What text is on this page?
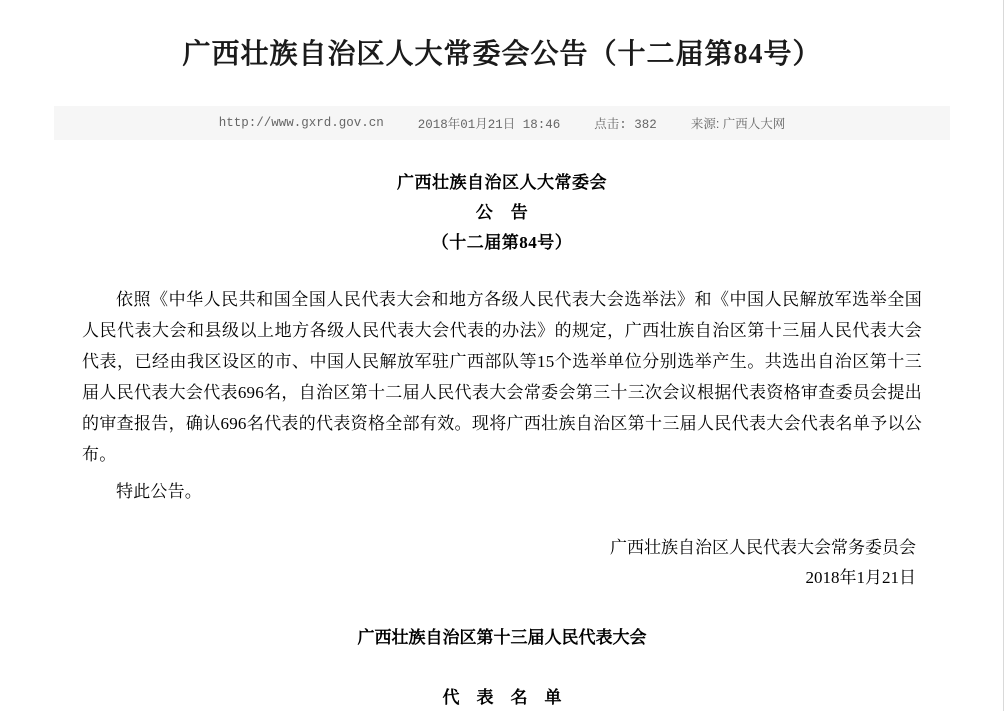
广西壮族自治区人大常委会公告（十二届第84号）
http://www.gxrd.gov.cn	2018年01月21日 18:46	点击: 382	来源: 广西人大网
广西壮族自治区人大常委会
公　告
（十二届第84号）

依照《中华人民共和国全国人民代表大会和地方各级人民代表大会选举法》和《中国人民解放军选举全国人民代表大会和县级以上地方各级人民代表大会代表的办法》的规定，广西壮族自治区第十三届人民代表大会代表，已经由我区设区的市、中国人民解放军驻广西部队等15个选举单位分别选举产生。共选出自治区第十三届人民代表大会代表696名，自治区第十二届人民代表大会常委会第三十三次会议根据代表资格审查委员会提出的审查报告，确认696名代表的代表资格全部有效。现将广西壮族自治区第十三届人民代表大会代表名单予以公布。

特此公告。

广西壮族自治区人民代表大会常务委员会
2018年1月21日
广西壮族自治区第十三届人民代表大会
代　表　名　单
